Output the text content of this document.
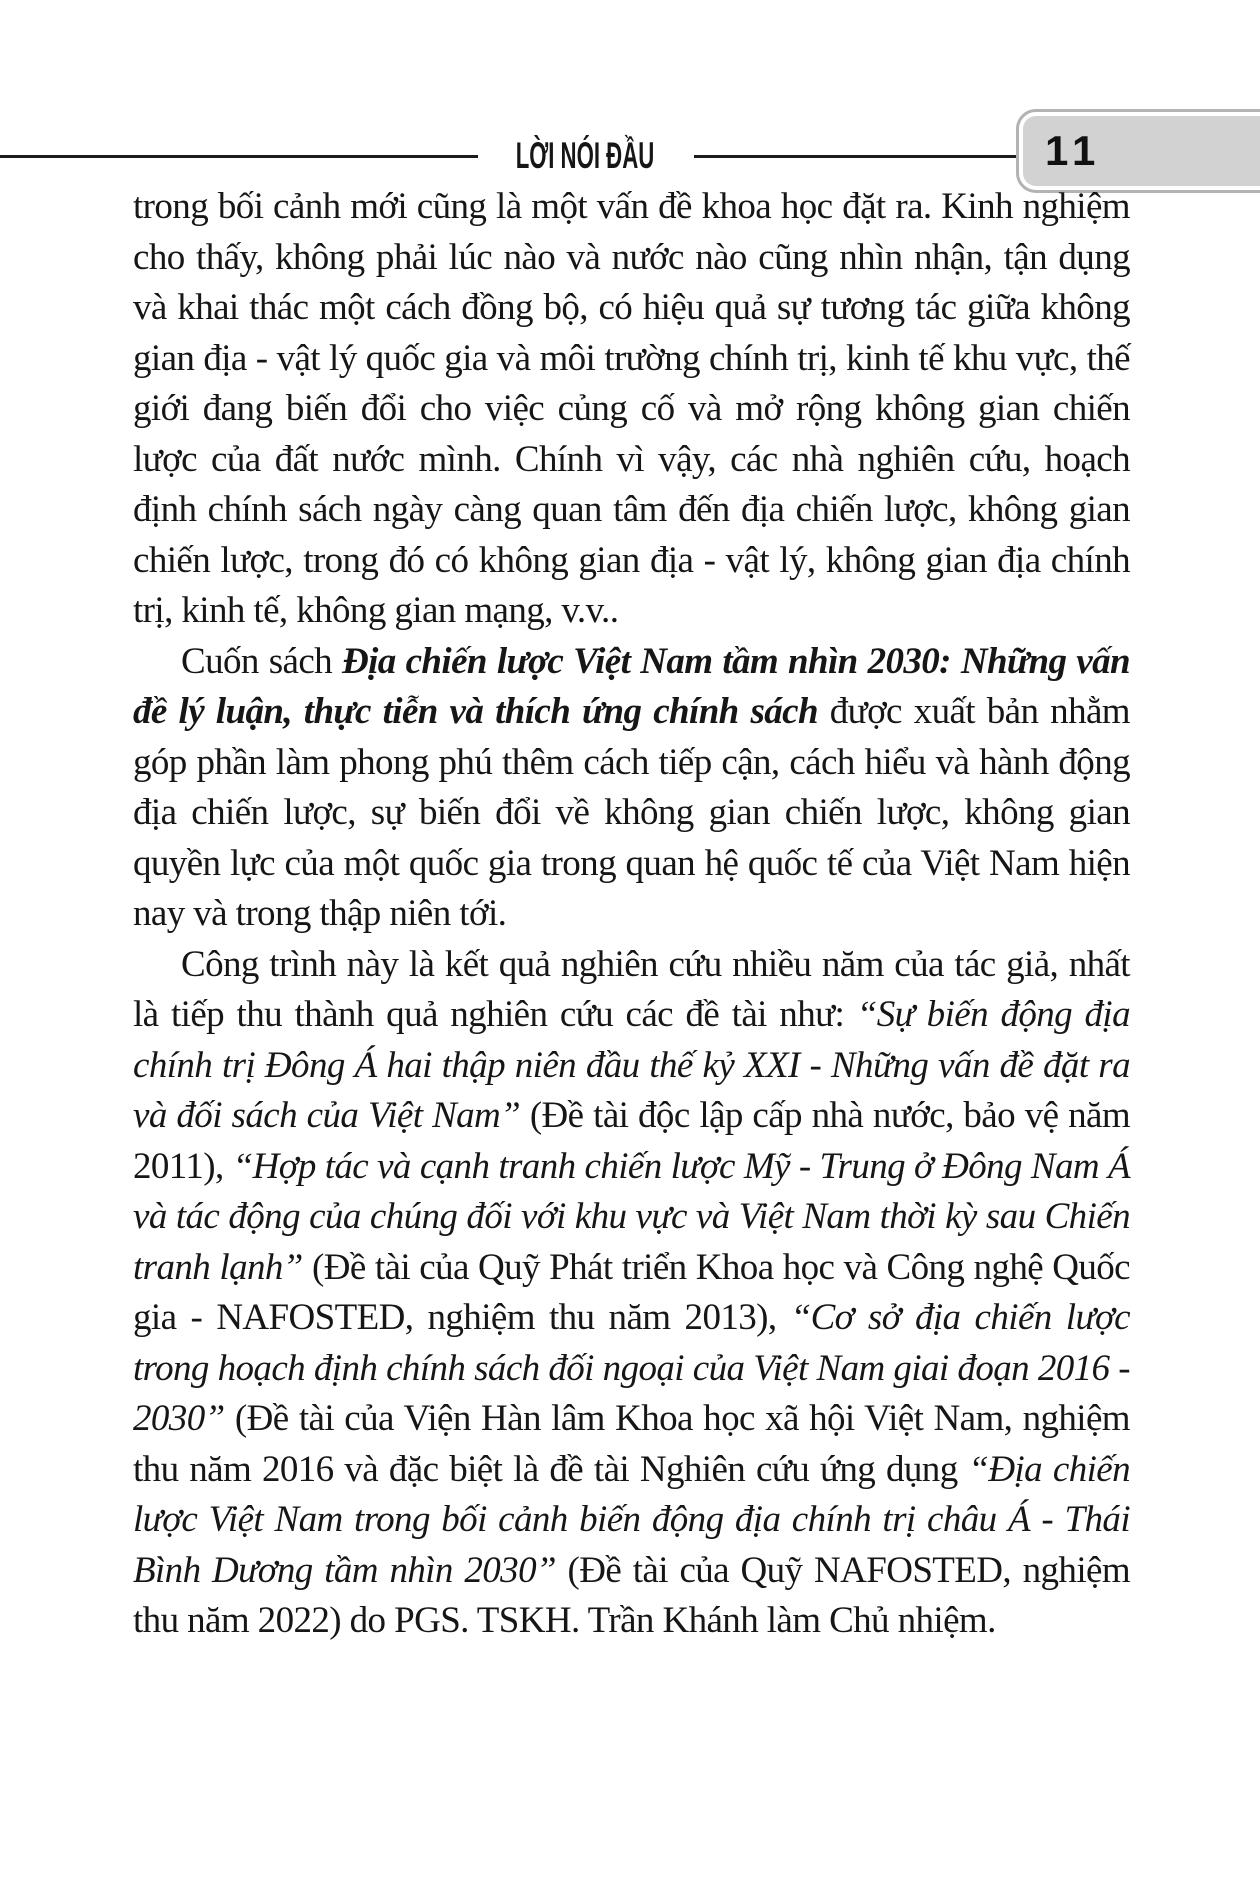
LỜI NÓI ĐẦU	11

trong bối cảnh mới cũng là một vấn đề khoa học đặt ra. Kinh nghiệm cho thấy, không phải lúc nào và nước nào cũng nhìn nhận, tận dụng và khai thác một cách đồng bộ, có hiệu quả sự tương tác giữa không gian địa - vật lý quốc gia và môi trường chính trị, kinh tế khu vực, thế giới đang biến đổi cho việc củng cố và mở rộng không gian chiến lược của đất nước mình. Chính vì vậy, các nhà nghiên cứu, hoạch định chính sách ngày càng quan tâm đến địa chiến lược, không gian chiến lược, trong đó có không gian địa - vật lý, không gian địa chính trị, kinh tế, không gian mạng, v.v..

Cuốn sách Địa chiến lược Việt Nam tầm nhìn 2030: Những vấn đề lý luận, thực tiễn và thích ứng chính sách được xuất bản nhằm góp phần làm phong phú thêm cách tiếp cận, cách hiểu và hành động địa chiến lược, sự biến đổi về không gian chiến lược, không gian quyền lực của một quốc gia trong quan hệ quốc tế của Việt Nam hiện nay và trong thập niên tới.

Công trình này là kết quả nghiên cứu nhiều năm của tác giả, nhất là tiếp thu thành quả nghiên cứu các đề tài như: “Sự biến động địa chính trị Đông Á hai thập niên đầu thế kỷ XXI - Những vấn đề đặt ra và đối sách của Việt Nam” (Đề tài độc lập cấp nhà nước, bảo vệ năm 2011), “Hợp tác và cạnh tranh chiến lược Mỹ - Trung ở Đông Nam Á và tác động của chúng đối với khu vực và Việt Nam thời kỳ sau Chiến tranh lạnh” (Đề tài của Quỹ Phát triển Khoa học và Công nghệ Quốc gia - NAFOSTED, nghiệm thu năm 2013), “Cơ sở địa chiến lược trong hoạch định chính sách đối ngoại của Việt Nam giai đoạn 2016 - 2030” (Đề tài của Viện Hàn lâm Khoa học xã hội Việt Nam, nghiệm thu năm 2016 và đặc biệt là đề tài Nghiên cứu ứng dụng “Địa chiến lược Việt Nam trong bối cảnh biến động địa chính trị châu Á - Thái Bình Dương tầm nhìn 2030” (Đề tài của Quỹ NAFOSTED, nghiệm thu năm 2022) do PGS. TSKH. Trần Khánh làm Chủ nhiệm.
